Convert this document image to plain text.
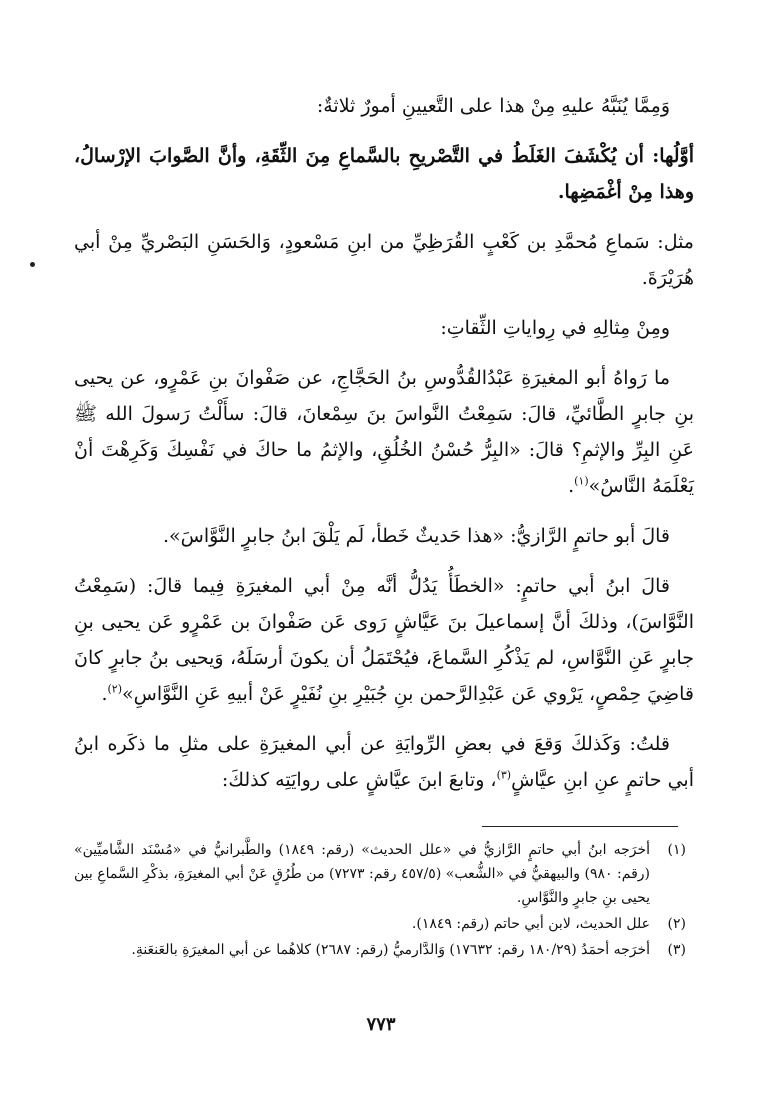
وَمِمَّا يُنَبَّهُ عليهِ مِنْ هذا على التَّعيينِ أمورٌ ثلاثةٌ:

أوَّلُها: أن يُكْشَفَ الغَلَطُ في التَّصْريحِ بالسَّماعِ مِنَ الثِّقَةِ، وأنَّ الصَّوابَ الإرْسالُ، وهذا مِنْ أغْمَضِها.

مثل: سَماعِ مُحمَّدِ بن كَعْبٍ القُرَظِيِّ من ابنِ مَسْعودٍ، وَالحَسَنِ البَصْريِّ مِنْ أبي هُرَيْرَةَ.

ومِنْ مِثالِهِ في رِواياتِ الثِّقاتِ:

ما رَواهُ أبو المغيرَةِ عَبْدُالقُدُّوسِ بنُ الحَجَّاجِ، عن صَفْوانَ بنِ عَمْرٍو، عن يحيى بنِ جابرٍ الطَّائيِّ، قالَ: سَمِعْتُ النَّواسَ بنَ سِمْعانَ، قالَ: سأَلْتُ رَسولَ الله ﷺ عَنِ البِرِّ والإثمِ؟ قالَ: «البِرُّ حُسْنُ الخُلُقِ، والإثمُ ما حاكَ في نَفْسِكَ وَكَرِهْتَ أنْ يَعْلَمَهُ النَّاسُ»$^{(١)}$.

قالَ أبو حاتمٍ الرَّازيُّ: «هذا حَديثٌ خَطأ، لَم يَلْقَ ابنُ جابرٍ النَّوَّاسَ».

قالَ ابنُ أبي حاتمٍ: «الخطَأُ يَدُلُّ أنَّه مِنْ أبي المغيرَةِ فِيما قالَ: (سَمِعْتُ النَّوَّاسَ)، وذلكَ أنَّ إسماعيلَ بنَ عَيَّاشٍ رَوى عَن صَفْوانَ بن عَمْرٍو عَن يحيى بنِ جابرٍ عَنِ النَّوَّاسِ، لم يَذْكُرِ السَّماعَ، فيُحْتَمَلُ أن يكونَ أرسَلَهُ، وَيحيى بنُ جابرٍ كانَ قاضِيَ حِمْصٍ، يَرْوي عَن عَبْدِالرَّحمن بنِ جُبَيْرِ بنِ نُفَيْرٍ عَنْ أبيهِ عَنِ النَّوَّاسِ»$^{(٢)}$.

قلتُ: وَكَذلكَ وَقعَ في بعضِ الرِّوايَةِ عن أبي المغيرَةِ على مثلِ ما ذكَره ابنُ أبي حاتمٍ عنِ ابنِ عيَّاشٍ$^{(٣)}$، وتابعَ ابنَ عيَّاشٍ على روايَتِه كذلكَ:

(١)
أخرَجه ابنُ أبي حاتمٍ الرَّازيُّ في «علل الحديث» (رقم: ١٨٤٩) والطَّبرانيُّ في «مُسْنَد الشَّاميِّين» (رقم: ٩٨٠) والبيهقيُّ في «الشُّعب» (٤٥٧/٥ رقم: ٧٢٧٣) من طُرُقٍ عَنْ أبي المغيرَةِ، بذكْرِ السَّماعِ بين يحيى بنِ جابرٍ والنَّوَّاسِ.
(٢)
علل الحديث، لابن أبي حاتم (رقم: ١٨٤٩).
(٣)
أخرَجه أحمَدُ (١٨٠/٢٩ رقم: ١٧٦٣٢) وَالدَّارميُّ (رقم: ٢٦٨٧) كلاهُما عن أبي المغيرَةِ بالعَنعَنةِ.
٧٧٣
